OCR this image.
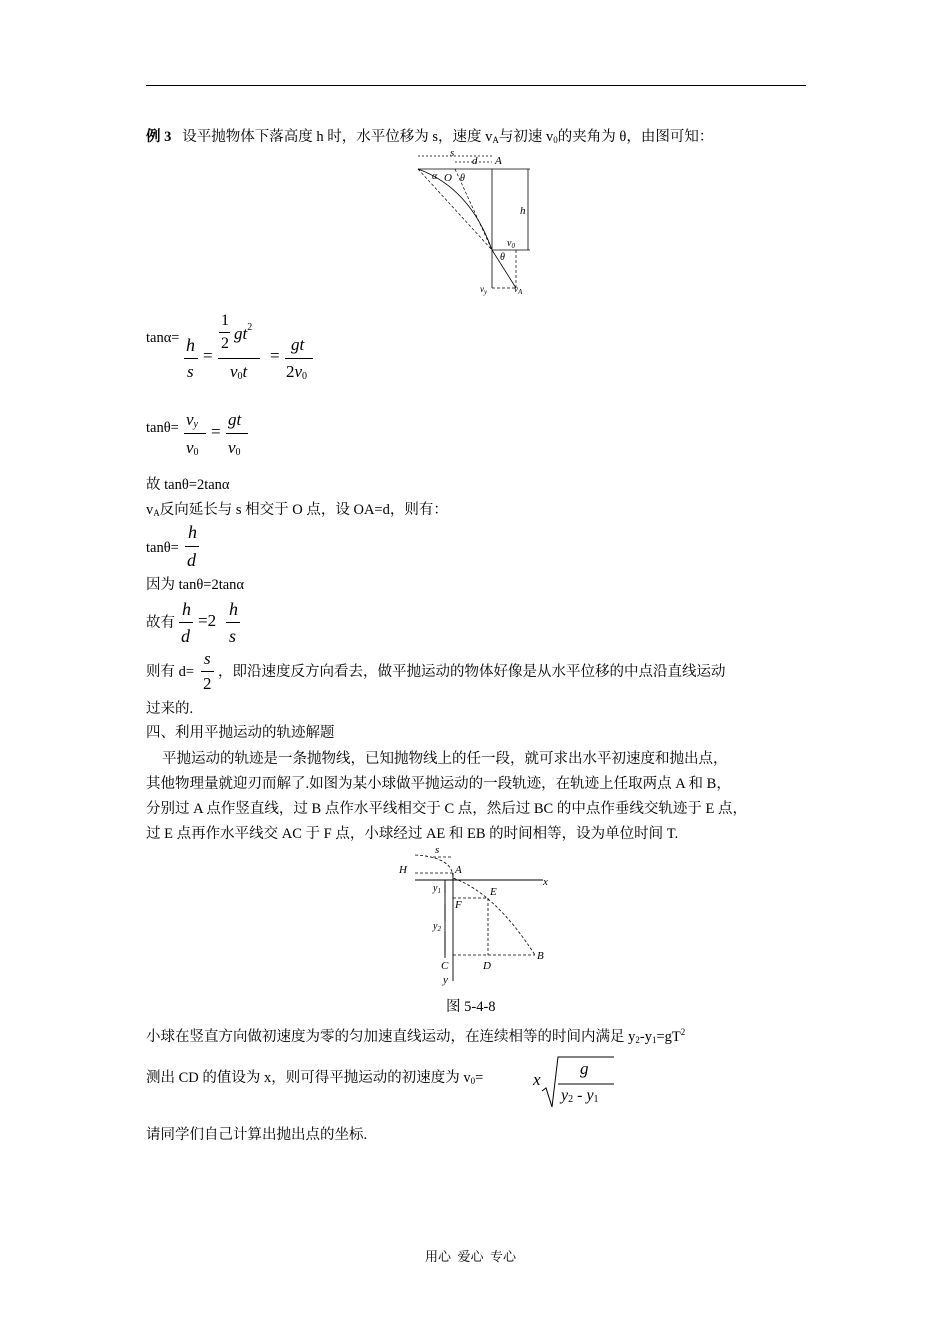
例 3 设平抛物体下落高度 h 时，水平位移为 s，速度 $v_A$与初速 $v_0$的夹角为 θ，由图可知：
s
d A
α O θ
h
$v_0$
θ
$v_y$	$v_A$
tanα= h
s
=
1
2
$gt^2$
$v_0t$
=
gt
$2v_0$
$\tan\theta= v_y$
$v_0$
=
gt
$v_0$
故 tanθ=2tanα
$v_A$反向延长与 s 相交于 O 点，设 OA=d，则有：
tanθ=
h
d
因为 tanθ=2tanα
故有
h
d
=2
h
s
则有 d=
s
2
，即沿速度反方向看去，做平抛运动的物体好像是从水平位移的中点沿直线运动
过来的.
四、利用平抛运动的轨迹解题
平抛运动的轨迹是一条抛物线，已知抛物线上的任一段，就可求出水平初速度和抛出点，
其他物理量就迎刃而解了.如图为某小球做平抛运动的一段轨迹，在轨迹上任取两点 A 和 B，
分别过 A 点作竖直线，过 B 点作水平线相交于 C 点，然后过 BC 的中点作垂线交轨迹于 E 点，
过 E 点再作水平线交 AC 于 F 点，小球经过 AE 和 EB 的时间相等，设为单位时间 T.
s
H	A
x
E
$y_1$
F
$y_2$
C	D
B
y
图 5-4-8
小球在竖直方向做初速度为零的匀加速直线运动，在连续相等的时间内满足 $y_2-y_1=gT^2$
测出 CD 的值设为 x，则可得平抛运动的初速度为 $v_0=$	x
g
$y_2 - y_1$
请同学们自己计算出抛出点的坐标.
用心  爱心  专心
